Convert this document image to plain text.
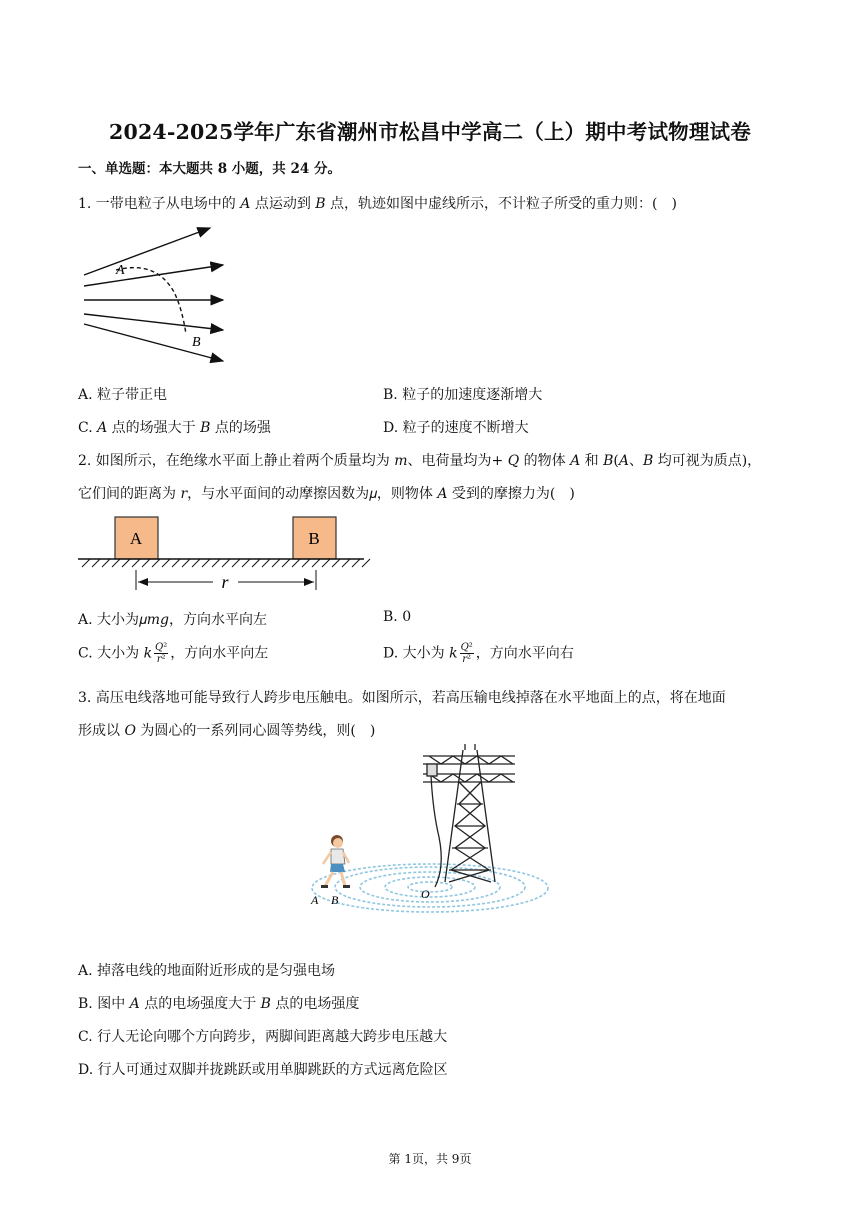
2024-2025学年广东省潮州市松昌中学高二（上）期中考试物理试卷
一、单选题：本大题共 8 小题，共 24 分。
1. 一带电粒子从电场中的 𝐴 点运动到 𝐵 点，轨迹如图中虚线所示，不计粒子所受的重力则：(　)
A
B
A. 粒子带正电	B. 粒子的加速度逐渐增大
C. 𝐴 点的场强大于 𝐵 点的场强	D. 粒子的速度不断增大
2. 如图所示，在绝缘水平面上静止着两个质量均为 𝑚、电荷量均为+ 𝑄 的物体 𝐴 和 𝐵(𝐴、𝐵 均可视为质点)，
它们间的距离为 𝑟，与水平面间的动摩擦因数为𝜇，则物体 𝐴 受到的摩擦力为(　)
A	B
r
A. 大小为𝜇𝑚𝑔，方向水平向左	B. 0
C. 大小为 𝑘 $\frac{\text{𝑄²}}{\text{𝑟²}}$ ，方向水平向左	D. 大小为 𝑘 $\frac{\text{𝑄²}}{\text{𝑟²}}$ ，方向水平向右
3. 高压电线落地可能导致行人跨步电压触电。如图所示，若高压输电线掉落在水平地面上的点，将在地面
形成以 𝑂 为圆心的一系列同心圆等势线，则(　)
A B	O
A. 掉落电线的地面附近形成的是匀强电场
B. 图中 𝐴 点的电场强度大于 𝐵 点的电场强度
C. 行人无论向哪个方向跨步，两脚间距离越大跨步电压越大
D. 行人可通过双脚并拢跳跃或用单脚跳跃的方式远离危险区
第 1页，共 9页
